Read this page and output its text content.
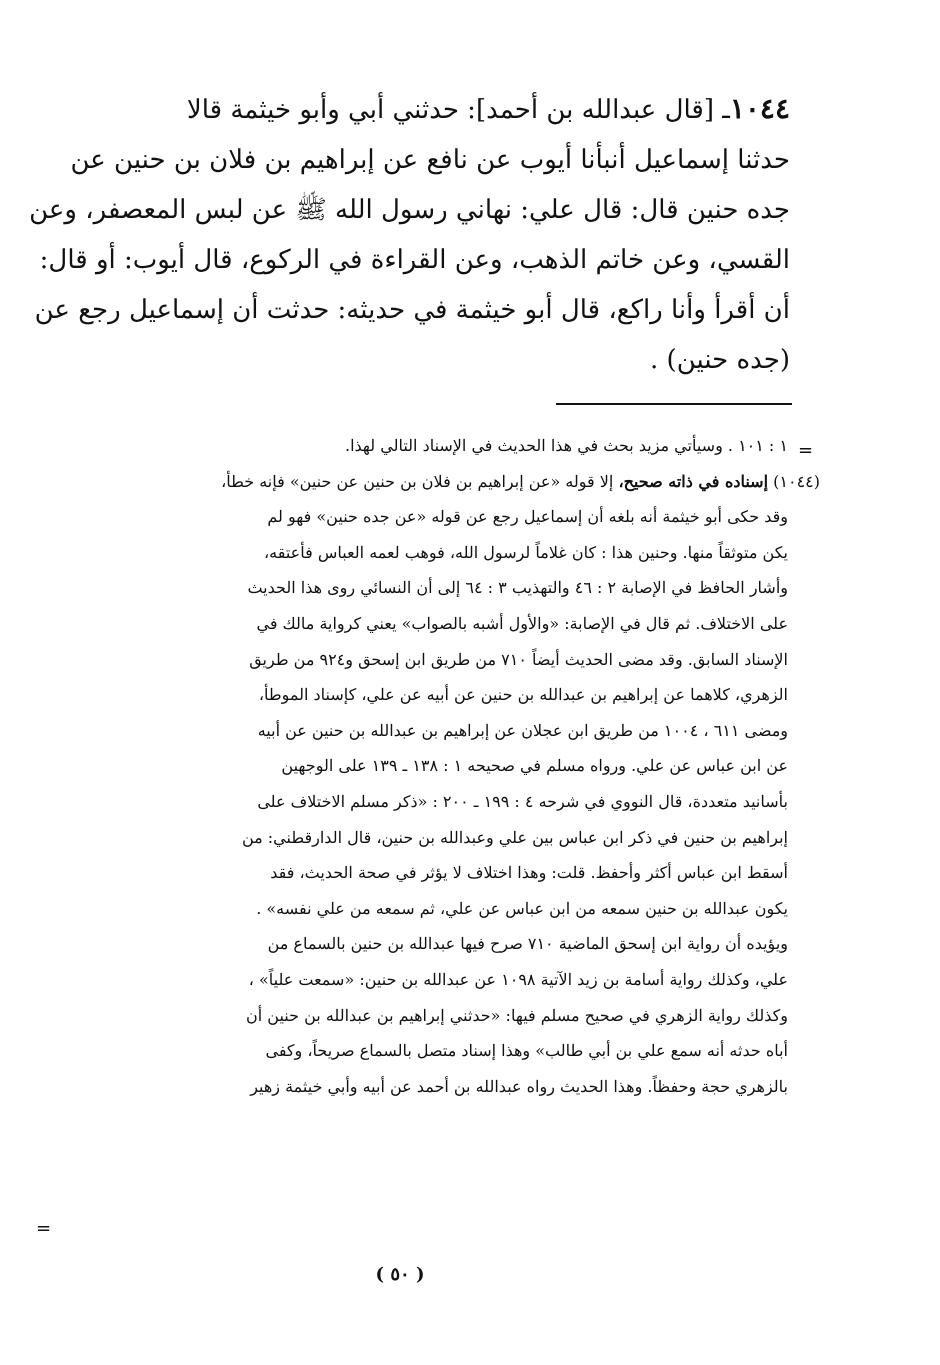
١٠٤٤ـ [قال عبدالله بن أحمد]: حدثني أبي وأبو خيثمة قالا
حدثنا إسماعيل أنبأنا أيوب عن نافع عن إبراهيم بن فلان بن حنين عن
جده حنين قال: قال علي: نهاني رسول الله ﷺ عن لبس المعصفر، وعن
القسي، وعن خاتم الذهب، وعن القراءة في الركوع، قال أيوب: أو قال:
أن أقرأ وأنا راكع، قال أبو خيثمة في حديثه: حدثت أن إسماعيل رجع عن
(جده حنين) .
=
١ : ١٠١ . وسيأتي مزيد بحث في هذا الحديث في الإسناد التالي لهذا.
(١٠٤٤) إسناده في ذاته صحيح، إلا قوله «عن إبراهيم بن فلان بن حنين عن حنين» فإنه خطأ،
وقد حكى أبو خيثمة أنه بلغه أن إسماعيل رجع عن قوله «عن جده حنين» فهو لم
يكن متوثقاً منها. وحنين هذا : كان غلاماً لرسول الله، فوهب لعمه العباس فأعتقه،
وأشار الحافظ في الإصابة ٢ : ٤٦ والتهذيب ٣ : ٦٤ إلى أن النسائي روى هذا الحديث
على الاختلاف. ثم قال في الإصابة: «والأول أشبه بالصواب» يعني كرواية مالك في
الإسناد السابق. وقد مضى الحديث أيضاً ٧١٠ من طريق ابن إسحق و٩٢٤ من طريق
الزهري، كلاهما عن إبراهيم بن عبدالله بن حنين عن أبيه عن علي، كإسناد الموطأ،
ومضى ٦١١ ، ١٠٠٤ من طريق ابن عجلان عن إبراهيم بن عبدالله بن حنين عن أبيه
عن ابن عباس عن علي. ورواه مسلم في صحيحه ١ : ١٣٨ ـ ١٣٩ على الوجهين
بأسانيد متعددة، قال النووي في شرحه ٤ : ١٩٩ ـ ٢٠٠ : «ذكر مسلم الاختلاف على
إبراهيم بن حنين في ذكر ابن عباس بين علي وعبدالله بن حنين، قال الدارقطني: من
أسقط ابن عباس أكثر وأحفظ. قلت: وهذا اختلاف لا يؤثر في صحة الحديث، فقد
يكون عبدالله بن حنين سمعه من ابن عباس عن علي، ثم سمعه من علي نفسه» .
ويؤيده أن رواية ابن إسحق الماضية ٧١٠ صرح فيها عبدالله بن حنين بالسماع من
علي، وكذلك رواية أسامة بن زيد الآتية ١٠٩٨ عن عبدالله بن حنين: «سمعت علياً» ،
وكذلك رواية الزهري في صحيح مسلم فيها: «حدثني إبراهيم بن عبدالله بن حنين أن
أباه حدثه أنه سمع علي بن أبي طالب» وهذا إسناد متصل بالسماع صريحاً، وكفى
بالزهري حجة وحفظاً. وهذا الحديث رواه عبدالله بن أحمد عن أبيه وأبي خيثمة زهير
=
( ٥٠ )
